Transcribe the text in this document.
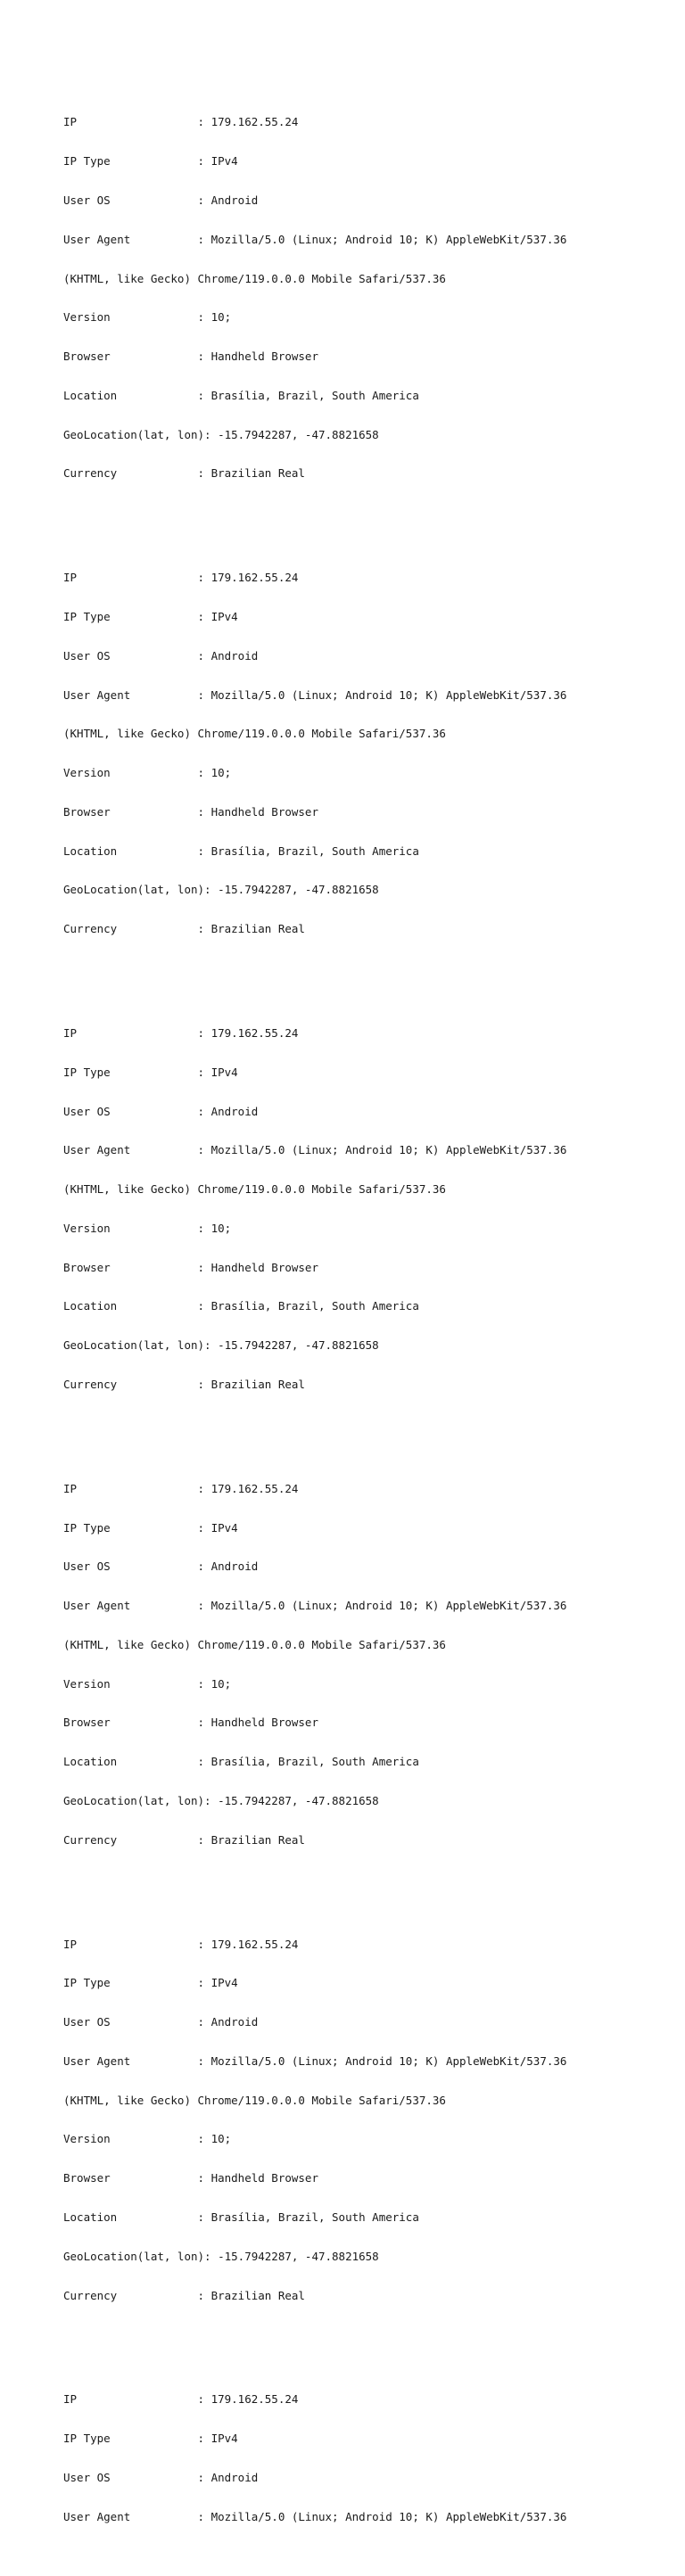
IP                  : 179.162.55.24

IP Type             : IPv4

User OS             : Android

User Agent          : Mozilla/5.0 (Linux; Android 10; K) AppleWebKit/537.36

(KHTML, like Gecko) Chrome/119.0.0.0 Mobile Safari/537.36

Version             : 10;

Browser             : Handheld Browser

Location            : Brasília, Brazil, South America

GeoLocation(lat, lon): -15.7942287, -47.8821658

Currency            : Brazilian Real

IP                  : 179.162.55.24

IP Type             : IPv4

User OS             : Android

User Agent          : Mozilla/5.0 (Linux; Android 10; K) AppleWebKit/537.36

(KHTML, like Gecko) Chrome/119.0.0.0 Mobile Safari/537.36

Version             : 10;

Browser             : Handheld Browser

Location            : Brasília, Brazil, South America

GeoLocation(lat, lon): -15.7942287, -47.8821658

Currency            : Brazilian Real

IP                  : 179.162.55.24

IP Type             : IPv4

User OS             : Android

User Agent          : Mozilla/5.0 (Linux; Android 10; K) AppleWebKit/537.36

(KHTML, like Gecko) Chrome/119.0.0.0 Mobile Safari/537.36

Version             : 10;

Browser             : Handheld Browser

Location            : Brasília, Brazil, South America

GeoLocation(lat, lon): -15.7942287, -47.8821658

Currency            : Brazilian Real

IP                  : 179.162.55.24

IP Type             : IPv4

User OS             : Android

User Agent          : Mozilla/5.0 (Linux; Android 10; K) AppleWebKit/537.36

(KHTML, like Gecko) Chrome/119.0.0.0 Mobile Safari/537.36

Version             : 10;

Browser             : Handheld Browser

Location            : Brasília, Brazil, South America

GeoLocation(lat, lon): -15.7942287, -47.8821658

Currency            : Brazilian Real

IP                  : 179.162.55.24

IP Type             : IPv4

User OS             : Android

User Agent          : Mozilla/5.0 (Linux; Android 10; K) AppleWebKit/537.36

(KHTML, like Gecko) Chrome/119.0.0.0 Mobile Safari/537.36

Version             : 10;

Browser             : Handheld Browser

Location            : Brasília, Brazil, South America

GeoLocation(lat, lon): -15.7942287, -47.8821658

Currency            : Brazilian Real

IP                  : 179.162.55.24

IP Type             : IPv4

User OS             : Android

User Agent          : Mozilla/5.0 (Linux; Android 10; K) AppleWebKit/537.36
